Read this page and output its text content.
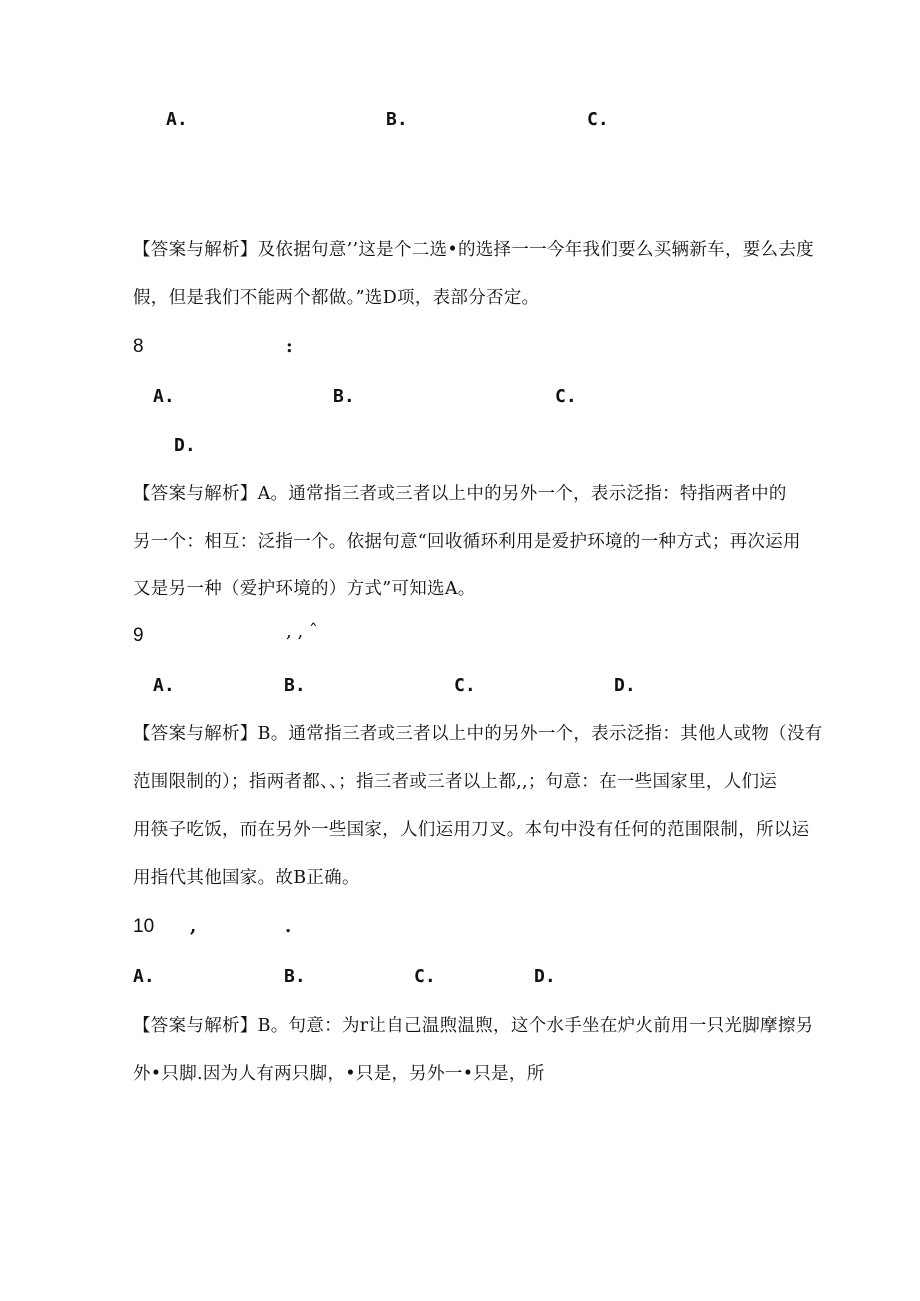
A.	B.	C.
【答案与解析】及依据句意’’这是个二选•的选择一一今年我们要么买辆新车，要么去度
假，但是我们不能两个都做。”选D项，表部分否定。
8	:
A.	B.	C.
D.
【答案与解析】A。通常指三者或三者以上中的另外一个，表示泛指：特指两者中的
另一个：相互：泛指一个。依据句意“回收循环利用是爱护环境的一种方式；再次运用
又是另一种（爱护环境的）方式”可知选A。
9	, , ˆ
A.	B.	C.	D.
【答案与解析】B。通常指三者或三者以上中的另外一个，表示泛指：其他人或物（没有
范围限制的）；指两者都、、；指三者或三者以上都,,；句意：在一些国家里，人们运
用筷子吃饭，而在另外一些国家，人们运用刀叉。本句中没有任何的范围限制，所以运
用指代其他国家。故B正确。
10 ,	.
A.	B.	C.	D.
【答案与解析】B。句意：为r让自己温煦温煦，这个水手坐在炉火前用一只光脚摩擦另
外•只脚.因为人有两只脚，•只是，另外一•只是，所
